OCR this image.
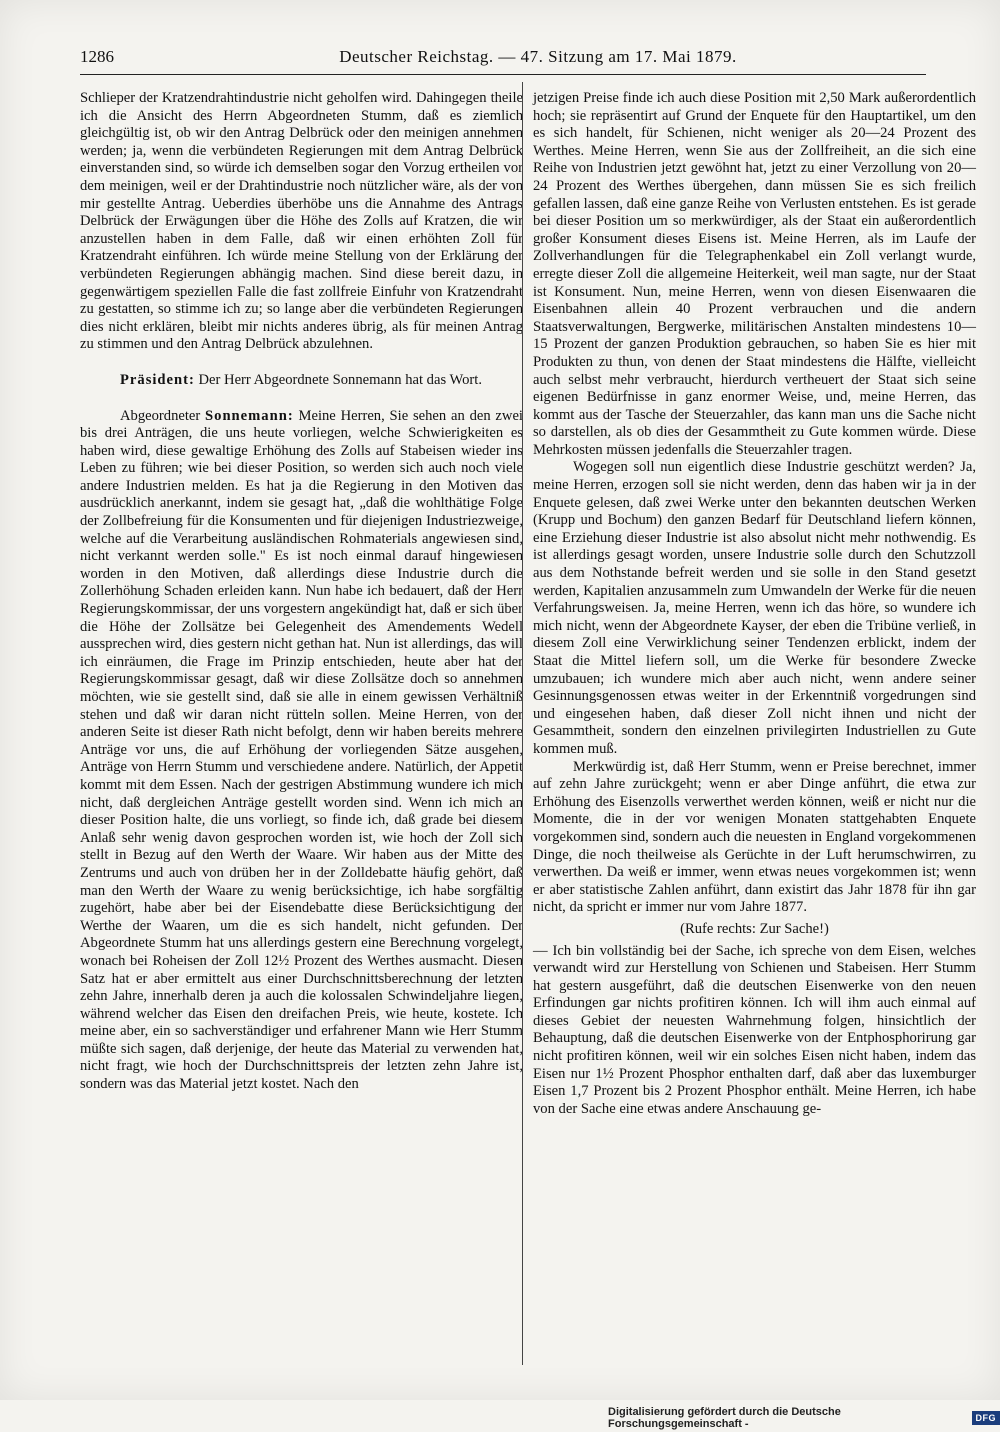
1286	Deutscher Reichstag. — 47. Sitzung am 17. Mai 1879.

Schlieper der Kratzendrahtindustrie nicht geholfen wird. Dahingegen theile ich die Ansicht des Herrn Abgeordneten Stumm, daß es ziemlich gleichgültig ist, ob wir den Antrag Delbrück oder den meinigen annehmen werden; ja, wenn die verbündeten Regierungen mit dem Antrag Delbrück einverstanden sind, so würde ich demselben sogar den Vorzug ertheilen vor dem meinigen, weil er der Drahtindustrie noch nützlicher wäre, als der von mir gestellte Antrag. Ueberdies überhöbe uns die Annahme des Antrags Delbrück der Erwägungen über die Höhe des Zolls auf Kratzen, die wir anzustellen haben in dem Falle, daß wir einen erhöhten Zoll für Kratzendraht einführen. Ich würde meine Stellung von der Erklärung der verbündeten Regierungen abhängig machen. Sind diese bereit dazu, in gegenwärtigem speziellen Falle die fast zollfreie Einfuhr von Kratzendraht zu gestatten, so stimme ich zu; so lange aber die verbündeten Regierungen dies nicht erklären, bleibt mir nichts anderes übrig, als für meinen Antrag zu stimmen und den Antrag Delbrück abzulehnen.

Präsident: Der Herr Abgeordnete Sonnemann hat das Wort.

Abgeordneter Sonnemann: Meine Herren, Sie sehen an den zwei bis drei Anträgen, die uns heute vorliegen, welche Schwierigkeiten es haben wird, diese gewaltige Erhöhung des Zolls auf Stabeisen wieder ins Leben zu führen; wie bei dieser Position, so werden sich auch noch viele andere Industrien melden. Es hat ja die Regierung in den Motiven das ausdrücklich anerkannt, indem sie gesagt hat, „daß die wohlthätige Folge der Zollbefreiung für die Konsumenten und für diejenigen Industriezweige, welche auf die Verarbeitung ausländischen Rohmaterials angewiesen sind, nicht verkannt werden solle." Es ist noch einmal darauf hingewiesen worden in den Motiven, daß allerdings diese Industrie durch die Zollerhöhung Schaden erleiden kann. Nun habe ich bedauert, daß der Herr Regierungskommissar, der uns vorgestern angekündigt hat, daß er sich über die Höhe der Zollsätze bei Gelegenheit des Amendements Wedell aussprechen wird, dies gestern nicht gethan hat. Nun ist allerdings, das will ich einräumen, die Frage im Prinzip entschieden, heute aber hat der Regierungskommissar gesagt, daß wir diese Zollsätze doch so annehmen möchten, wie sie gestellt sind, daß sie alle in einem gewissen Verhältniß stehen und daß wir daran nicht rütteln sollen. Meine Herren, von der anderen Seite ist dieser Rath nicht befolgt, denn wir haben bereits mehrere Anträge vor uns, die auf Erhöhung der vorliegenden Sätze ausgehen, Anträge von Herrn Stumm und verschiedene andere. Natürlich, der Appetit kommt mit dem Essen. Nach der gestrigen Abstimmung wundere ich mich nicht, daß dergleichen Anträge gestellt worden sind. Wenn ich mich an dieser Position halte, die uns vorliegt, so finde ich, daß grade bei diesem Anlaß sehr wenig davon gesprochen worden ist, wie hoch der Zoll sich stellt in Bezug auf den Werth der Waare. Wir haben aus der Mitte des Zentrums und auch von drüben her in der Zolldebatte häufig gehört, daß man den Werth der Waare zu wenig berücksichtige, ich habe sorgfältig zugehört, habe aber bei der Eisendebatte diese Berücksichtigung der Werthe der Waaren, um die es sich handelt, nicht gefunden. Der Abgeordnete Stumm hat uns allerdings gestern eine Berechnung vorgelegt, wonach bei Roheisen der Zoll 12½ Prozent des Werthes ausmacht. Diesen Satz hat er aber ermittelt aus einer Durchschnittsberechnung der letzten zehn Jahre, innerhalb deren ja auch die kolossalen Schwindeljahre liegen, während welcher das Eisen den dreifachen Preis, wie heute, kostete. Ich meine aber, ein so sachverständiger und erfahrener Mann wie Herr Stumm müßte sich sagen, daß derjenige, der heute das Material zu verwenden hat, nicht fragt, wie hoch der Durchschnittspreis der letzten zehn Jahre ist, sondern was das Material jetzt kostet. Nach den

jetzigen Preise finde ich auch diese Position mit 2,50 Mark außerordentlich hoch; sie repräsentirt auf Grund der Enquete für den Hauptartikel, um den es sich handelt, für Schienen, nicht weniger als 20—24 Prozent des Werthes. Meine Herren, wenn Sie aus der Zollfreiheit, an die sich eine Reihe von Industrien jetzt gewöhnt hat, jetzt zu einer Verzollung von 20—24 Prozent des Werthes übergehen, dann müssen Sie es sich freilich gefallen lassen, daß eine ganze Reihe von Verlusten entstehen. Es ist gerade bei dieser Position um so merkwürdiger, als der Staat ein außerordentlich großer Konsument dieses Eisens ist. Meine Herren, als im Laufe der Zollverhandlungen für die Telegraphenkabel ein Zoll verlangt wurde, erregte dieser Zoll die allgemeine Heiterkeit, weil man sagte, nur der Staat ist Konsument. Nun, meine Herren, wenn von diesen Eisenwaaren die Eisenbahnen allein 40 Prozent verbrauchen und die andern Staatsverwaltungen, Bergwerke, militärischen Anstalten mindestens 10—15 Prozent der ganzen Produktion gebrauchen, so haben Sie es hier mit Produkten zu thun, von denen der Staat mindestens die Hälfte, vielleicht auch selbst mehr verbraucht, hierdurch vertheuert der Staat sich seine eigenen Bedürfnisse in ganz enormer Weise, und, meine Herren, das kommt aus der Tasche der Steuerzahler, das kann man uns die Sache nicht so darstellen, als ob dies der Gesammtheit zu Gute kommen würde. Diese Mehrkosten müssen jedenfalls die Steuerzahler tragen.

Wogegen soll nun eigentlich diese Industrie geschützt werden? Ja, meine Herren, erzogen soll sie nicht werden, denn das haben wir ja in der Enquete gelesen, daß zwei Werke unter den bekannten deutschen Werken (Krupp und Bochum) den ganzen Bedarf für Deutschland liefern können, eine Erziehung dieser Industrie ist also absolut nicht mehr nothwendig. Es ist allerdings gesagt worden, unsere Industrie solle durch den Schutzzoll aus dem Nothstande befreit werden und sie solle in den Stand gesetzt werden, Kapitalien anzusammeln zum Umwandeln der Werke für die neuen Verfahrungsweisen. Ja, meine Herren, wenn ich das höre, so wundere ich mich nicht, wenn der Abgeordnete Kayser, der eben die Tribüne verließ, in diesem Zoll eine Verwirklichung seiner Tendenzen erblickt, indem der Staat die Mittel liefern soll, um die Werke für besondere Zwecke umzubauen; ich wundere mich aber auch nicht, wenn andere seiner Gesinnungsgenossen etwas weiter in der Erkenntniß vorgedrungen sind und eingesehen haben, daß dieser Zoll nicht ihnen und nicht der Gesammtheit, sondern den einzelnen privilegirten Industriellen zu Gute kommen muß.

Merkwürdig ist, daß Herr Stumm, wenn er Preise berechnet, immer auf zehn Jahre zurückgeht; wenn er aber Dinge anführt, die etwa zur Erhöhung des Eisenzolls verwerthet werden können, weiß er nicht nur die Momente, die in der vor wenigen Monaten stattgehabten Enquete vorgekommen sind, sondern auch die neuesten in England vorgekommenen Dinge, die noch theilweise als Gerüchte in der Luft herumschwirren, zu verwerthen. Da weiß er immer, wenn etwas neues vorgekommen ist; wenn er aber statistische Zahlen anführt, dann existirt das Jahr 1878 für ihn gar nicht, da spricht er immer nur vom Jahre 1877.

(Rufe rechts: Zur Sache!)

— Ich bin vollständig bei der Sache, ich spreche von dem Eisen, welches verwandt wird zur Herstellung von Schienen und Stabeisen. Herr Stumm hat gestern ausgeführt, daß die deutschen Eisenwerke von den neuen Erfindungen gar nichts profitiren können. Ich will ihm auch einmal auf dieses Gebiet der neuesten Wahrnehmung folgen, hinsichtlich der Behauptung, daß die deutschen Eisenwerke von der Entphosphorirung gar nicht profitiren können, weil wir ein solches Eisen nicht haben, indem das Eisen nur 1½ Prozent Phosphor enthalten darf, daß aber das luxemburger Eisen 1,7 Prozent bis 2 Prozent Phosphor enthält. Meine Herren, ich habe von der Sache eine etwas andere Anschauung ge-

Digitalisierung gefördert durch die Deutsche Forschungsgemeinschaft -	DFG
